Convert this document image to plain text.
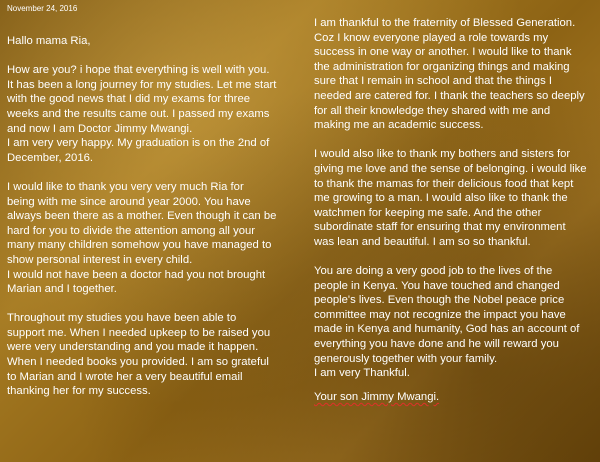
November 24, 2016

Hallo mama Ria,

How are you? i hope that everything is well with you.
It has been a long journey for my studies. Let me start
with the good news that I did my exams for three
weeks and the results came out. I passed my exams
and now I am Doctor Jimmy Mwangi.
I am very very happy. My graduation is on the 2nd of
December, 2016.

I would like to thank you very very much Ria for
being with me since around year 2000. You have
always been there as a mother. Even though it can be
hard for you to divide the attention among all your
many many children somehow you have managed to
show personal interest in every child.
I would not have been a doctor had you not brought
Marian and I together.

Throughout my studies you have been able to
support me. When I needed upkeep to be raised you
were very understanding and you made it happen.
When I needed books you provided. I am so grateful
to Marian and I wrote her a very beautiful email
thanking her for my success.

I am thankful to the fraternity of Blessed Generation.
Coz I know everyone played a role towards my
success in one way or another. I would like to thank
the administration for organizing things and making
sure that I remain in school and that the things I
needed are catered for. I thank the teachers so deeply
for all their knowledge they shared with me and
making me an academic success.

I would also like to thank my bothers and sisters for
giving me love and the sense of belonging. i would like
to thank the mamas for their delicious food that kept
me growing to a man. I would also like to thank the
watchmen for keeping me safe. And the other
subordinate staff for ensuring that my environment
was lean and beautiful. I am so so thankful.

You are doing a very good job to the lives of the
people in Kenya. You have touched and changed
people's lives. Even though the Nobel peace price
committee may not recognize the impact you have
made in Kenya and humanity, God has an account of
everything you have done and he will reward you
generously together with your family.

I am very Thankful.

Your son Jimmy Mwangi.
